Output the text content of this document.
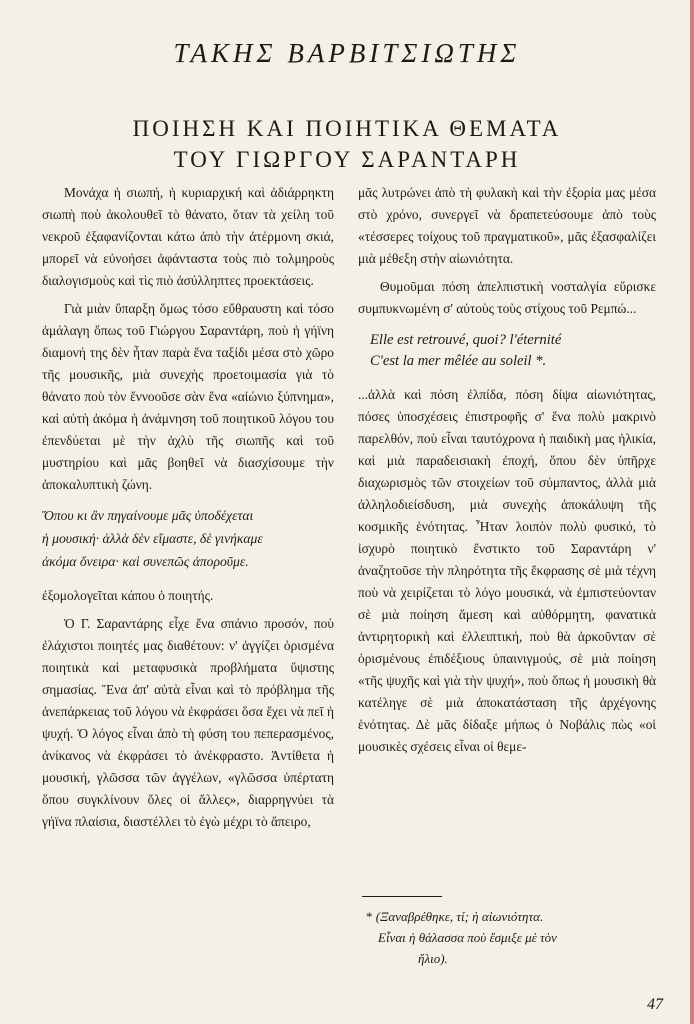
ΤΑΚΗΣ ΒΑΡΒΙΤΣΙΩΤΗΣ
ΠΟΙΗΣΗ ΚΑΙ ΠΟΙΗΤΙΚΑ ΘΕΜΑΤΑ
ΤΟΥ ΓΙΩΡΓΟΥ ΣΑΡΑΝΤΑΡΗ

Μονάχα ἡ σιωπή, ἡ κυριαρχική καὶ ἀδιάρρηκτη σιωπὴ ποὺ ἀκολουθεῖ τὸ θάνατο, ὅταν τὰ χείλη τοῦ νεκροῦ ἐξαφανίζονται κάτω ἀπὸ τὴν ἀτέρμονη σκιά, μπορεῖ νὰ εὐνοήσει ἀφάνταστα τοὺς πιὸ τολμηροὺς διαλογισμοὺς καὶ τὶς πιὸ ἀσύλληπτες προεκτάσεις.

Γιὰ μιὰν ὕπαρξη ὅμως τόσο εὔθραυστη καὶ τόσο ἀμάλαγη ὅπως τοῦ Γιώργου Σαραντάρη, ποὺ ἡ γήϊνη διαμονή της δὲν ἦταν παρὰ ἕνα ταξίδι μέσα στὸ χῶρο τῆς μουσικῆς, μιὰ συνεχὴς προετοιμασία γιὰ τὸ θάνατο ποὺ τὸν ἔννοοῦσε σὰν ἕνα «αἰώνιο ξύπνημα», καὶ αὐτὴ ἀκόμα ἡ ἀνάμνηση τοῦ ποιητικοῦ λόγου του ἐπενδύεται μὲ τὴν ἀχλὺ τῆς σιωπῆς καὶ τοῦ μυστηρίου καὶ μᾶς βοηθεῖ νὰ διασχίσουμε τὴν ἀποκαλυπτικὴ ζώνη.

Ὅπου κι ἂν πηγαίνουμε μᾶς ὑποδέχεται
ἡ μουσική· ἀλλὰ δὲν εἴμαστε, δὲ γινήκαμε
ἀκόμα ὄνειρα· καὶ συνεπῶς ἀποροῦμε.

ἐξομολογεῖται κάπου ὁ ποιητής.

Ὁ Γ. Σαραντάρης εἶχε ἕνα σπάνιο προσόν, ποὺ ἐλάχιστοι ποιητές μας διαθέτουν: ν' ἀγγίζει ὁρισμένα ποιητικὰ καὶ μεταφυσικὰ προβλήματα ὕψιστης σημασίας. Ἕνα ἀπ' αὐτὰ εἶναι καὶ τὸ πρόβλημα τῆς ἀνεπάρκειας τοῦ λόγου νὰ ἐκφράσει ὅσα ἔχει νὰ πεῖ ἡ ψυχή. Ὁ λόγος εἶναι ἀπὸ τὴ φύση του πεπερασμένος, ἀνίκανος νὰ ἐκφράσει τὸ ἀνέκφραστο. Ἀντίθετα ἡ μουσική, γλῶσσα τῶν ἀγγέλων, «γλῶσσα ὑπέρτατη ὅπου συγκλίνουν ὅλες οἱ ἄλλες», διαρρηγνύει τὰ γήϊνα πλαίσια, διαστέλλει τὸ ἐγὼ μέχρι τὸ ἄπειρο,

μᾶς λυτρώνει ἀπὸ τὴ φυλακὴ καὶ τὴν ἐξορία μας μέσα στὸ χρόνο, συνεργεῖ νὰ δραπετεύσουμε ἀπὸ τοὺς «τέσσερες τοίχους τοῦ πραγματικοῦ», μᾶς ἐξασφαλίζει μιὰ μέθεξη στὴν αἰωνιότητα.

Θυμοῦμαι πόση ἀπελπιστικὴ νοσταλγία εὕρισκε συμπυκνωμένη σ' αὐτοὺς τοὺς στίχους τοῦ Ρεμπώ...

Elle est retrouvé, quoi? l'éternité
C'est la mer mêlée au soleil *.

...ἀλλὰ καὶ πόση ἐλπίδα, πόση δίψα αἰωνιότητας, πόσες ὑποσχέσεις ἐπιστροφῆς σ' ἕνα πολὺ μακρινὸ παρελθόν, ποὺ εἶναι ταυτόχρονα ἡ παιδικὴ μας ἡλικία, καὶ μιὰ παραδεισιακὴ ἐποχή, ὅπου δὲν ὑπῆρχε διαχωρισμὸς τῶν στοιχείων τοῦ σύμπαντος, ἀλλὰ μιὰ ἀλληλοδιείσδυση, μιὰ συνεχὴς ἀποκάλυψη τῆς κοσμικῆς ἑνότητας. Ἦταν λοιπὸν πολὺ φυσικό, τὸ ἰσχυρὸ ποιητικὸ ἔνστικτο τοῦ Σαραντάρη ν' ἀναζητοῦσε τὴν πληρότητα τῆς ἔκφρασης σὲ μιὰ τέχνη ποὺ νὰ χειρίζεται τὸ λόγο μουσικά, νὰ ἐμπιστεύονταν σὲ μιὰ ποίηση ἄμεση καὶ αὐθόρμητη, φανατικὰ ἀντιρητορικὴ καὶ ἐλλειπτική, ποὺ θὰ ἀρκοῦνταν σὲ ὁρισμένους ἐπιδέξιους ὑπαινιγμούς, σὲ μιὰ ποίηση «τῆς ψυχῆς καὶ γιὰ τὴν ψυχή», ποὺ ὅπως ἡ μουσικὴ θὰ κατέληγε σὲ μιὰ ἀποκατάσταση τῆς ἀρχέγονης ἑνότητας. Δὲ μᾶς δίδαξε μήπως ὁ Νοβάλις πὼς «οἱ μουσικὲς σχέσεις εἶναι οἱ θεμε-

* (Ξαναβρέθηκε, τί; ἡ αἰωνιότητα.
Εἶναι ἡ θάλασσα ποὺ ἔσμιξε μὲ τὸν
ἥλιο).
47
